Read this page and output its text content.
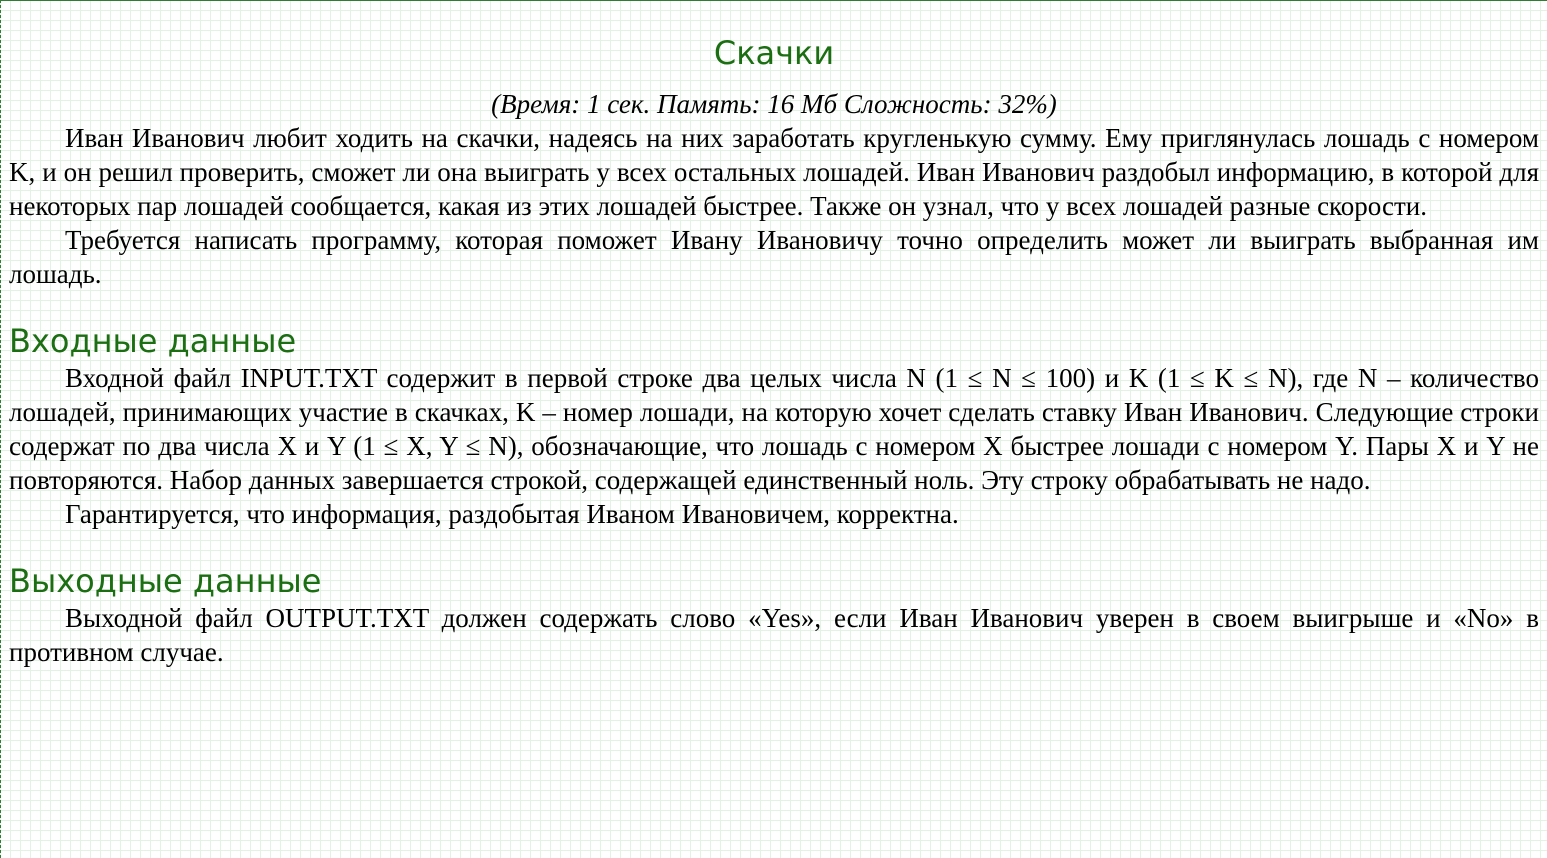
Скачки
(Время: 1 сек. Память: 16 Мб Сложность: 32%)

Иван Иванович любит ходить на скачки, надеясь на них заработать кругленькую сумму. Ему приглянулась лошадь с номером K, и он решил проверить, сможет ли она выиграть у всех остальных лошадей. Иван Иванович раздобыл информацию, в которой для некоторых пар лошадей сообщается, какая из этих лошадей быстрее. Также он узнал, что у всех лошадей разные скорости.

Требуется написать программу, которая поможет Ивану Ивановичу точно определить может ли выиграть выбранная им лошадь.

Входные данные

Входной файл INPUT.TXT содержит в первой строке два целых числа N (1 ≤ N ≤ 100) и K (1 ≤ K ≤ N), где N – количество лошадей, принимающих участие в скачках, K – номер лошади, на которую хочет сделать ставку Иван Иванович. Следующие строки содержат по два числа X и Y (1 ≤ X, Y ≤ N), обозначающие, что лошадь с номером X быстрее лошади с номером Y. Пары X и Y не повторяются. Набор данных завершается строкой, содержащей единственный ноль. Эту строку обрабатывать не надо.

Гарантируется, что информация, раздобытая Иваном Ивановичем, корректна.

Выходные данные

Выходной файл OUTPUT.TXT должен содержать слово «Yes», если Иван Иванович уверен в своем выигрыше и «No» в противном случае.
